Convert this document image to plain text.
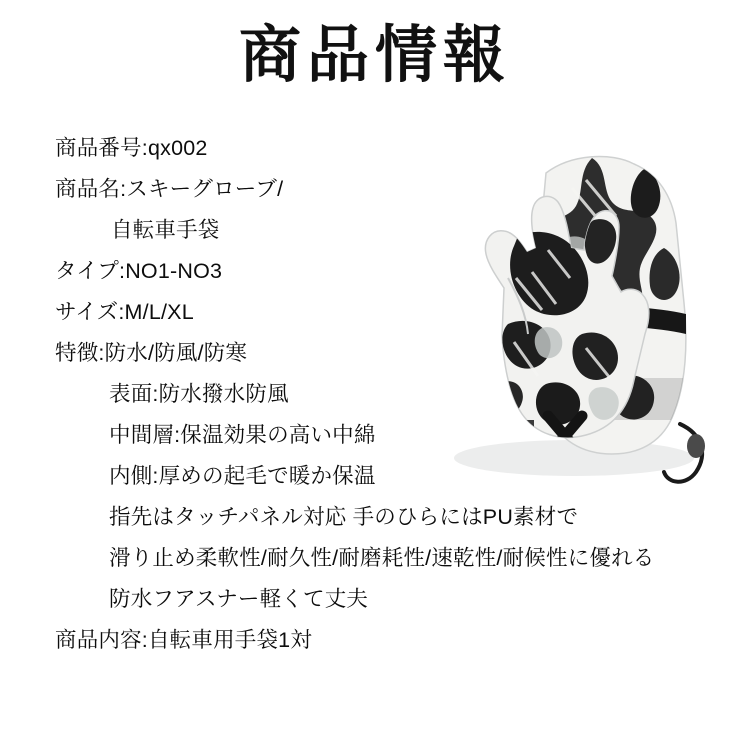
商品情報
商品番号:qx002
商品名:スキーグローブ/
自転車手袋
タイプ:NO1-NO3
サイズ:M/L/XL
特徴:防水/防風/防寒
表面:防水撥水防風
中間層:保温効果の高い中綿
内側:厚めの起毛で暖か保温
指先はタッチパネル対応 手のひらにはPU素材で
滑り止め柔軟性/耐久性/耐磨耗性/速乾性/耐候性に優れる
防水フアスナー軽くて丈夫
商品内容:自転車用手袋1対
